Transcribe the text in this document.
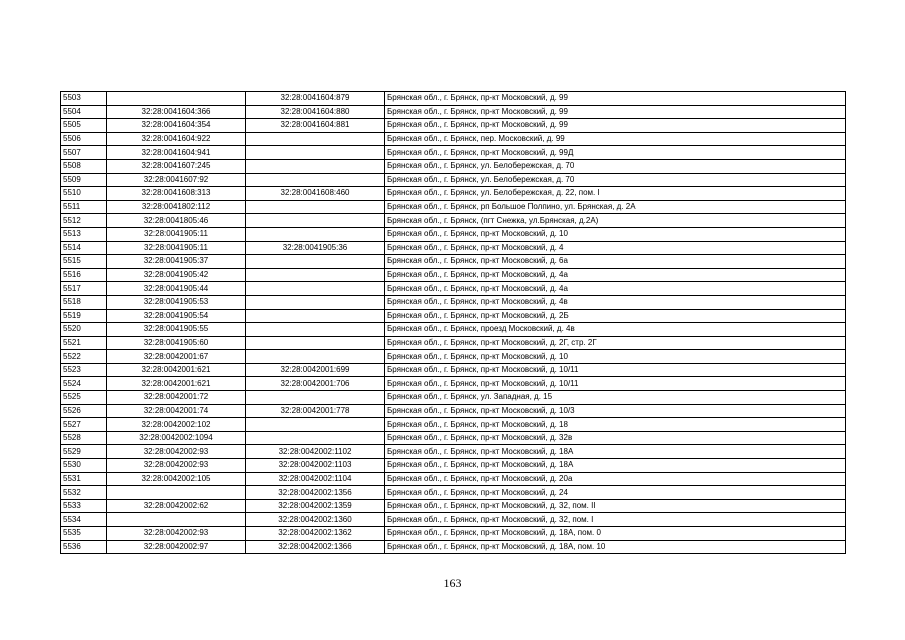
5503		32:28:0041604:879	Брянская обл., г. Брянск, пр-кт Московский, д. 99
5504	32:28:0041604:366	32:28:0041604:880	Брянская обл., г. Брянск, пр-кт Московский, д. 99
5505	32:28:0041604:354	32:28:0041604:881	Брянская обл., г. Брянск, пр-кт Московский, д. 99
5506	32:28:0041604:922		Брянская обл., г. Брянск, пер. Московский, д. 99
5507	32:28:0041604:941		Брянская обл., г. Брянск, пр-кт Московский, д. 99Д
5508	32:28:0041607:245		Брянская обл., г. Брянск, ул. Белобережская, д. 70
5509	32:28:0041607:92		Брянская обл., г. Брянск, ул. Белобережская, д. 70
5510	32:28:0041608:313	32:28:0041608:460	Брянская обл., г. Брянск, ул. Белобережская, д. 22, пом. I
5511	32:28:0041802:112		Брянская обл., г. Брянск, рп Большое Полпино, ул. Брянская, д. 2А
5512	32:28:0041805:46		Брянская обл., г. Брянск, (пгт Снежка, ул.Брянская, д.2А)
5513	32:28:0041905:11		Брянская обл., г. Брянск, пр-кт Московский, д. 10
5514	32:28:0041905:11	32:28:0041905:36	Брянская обл., г. Брянск, пр-кт Московский, д. 4
5515	32:28:0041905:37		Брянская обл., г. Брянск, пр-кт Московский, д. 6а
5516	32:28:0041905:42		Брянская обл., г. Брянск, пр-кт Московский, д. 4а
5517	32:28:0041905:44		Брянская обл., г. Брянск, пр-кт Московский, д. 4а
5518	32:28:0041905:53		Брянская обл., г. Брянск, пр-кт Московский, д. 4в
5519	32:28:0041905:54		Брянская обл., г. Брянск, пр-кт Московский, д. 2Б
5520	32:28:0041905:55		Брянская обл., г. Брянск, проезд Московский, д. 4в
5521	32:28:0041905:60		Брянская обл., г. Брянск, пр-кт Московский, д. 2Г, стр. 2Г
5522	32:28:0042001:67		Брянская обл., г. Брянск, пр-кт Московский, д. 10
5523	32:28:0042001:621	32:28:0042001:699	Брянская обл., г. Брянск, пр-кт Московский, д. 10/11
5524	32:28:0042001:621	32:28:0042001:706	Брянская обл., г. Брянск, пр-кт Московский, д. 10/11
5525	32:28:0042001:72		Брянская обл., г. Брянск, ул. Западная, д. 15
5526	32:28:0042001:74	32:28:0042001:778	Брянская обл., г. Брянск, пр-кт Московский, д. 10/3
5527	32:28:0042002:102		Брянская обл., г. Брянск, пр-кт Московский, д. 18
5528	32:28:0042002:1094		Брянская обл., г. Брянск, пр-кт Московский, д. 32в
5529	32:28:0042002:93	32:28:0042002:1102	Брянская обл., г. Брянск, пр-кт Московский, д. 18А
5530	32:28:0042002:93	32:28:0042002:1103	Брянская обл., г. Брянск, пр-кт Московский, д. 18А
5531	32:28:0042002:105	32:28:0042002:1104	Брянская обл., г. Брянск, пр-кт Московский, д. 20а
5532		32:28:0042002:1356	Брянская обл., г. Брянск, пр-кт Московский, д. 24
5533	32:28:0042002:62	32:28:0042002:1359	Брянская обл., г. Брянск, пр-кт Московский, д. 32, пом. II
5534		32:28:0042002:1360	Брянская обл., г. Брянск, пр-кт Московский, д. 32, пом. I
5535	32:28:0042002:93	32:28:0042002:1362	Брянская обл., г. Брянск, пр-кт Московский, д. 18А, пом. 0
5536	32:28:0042002:97	32:28:0042002:1366	Брянская обл., г. Брянск, пр-кт Московский, д. 18А, пом. 10
163
